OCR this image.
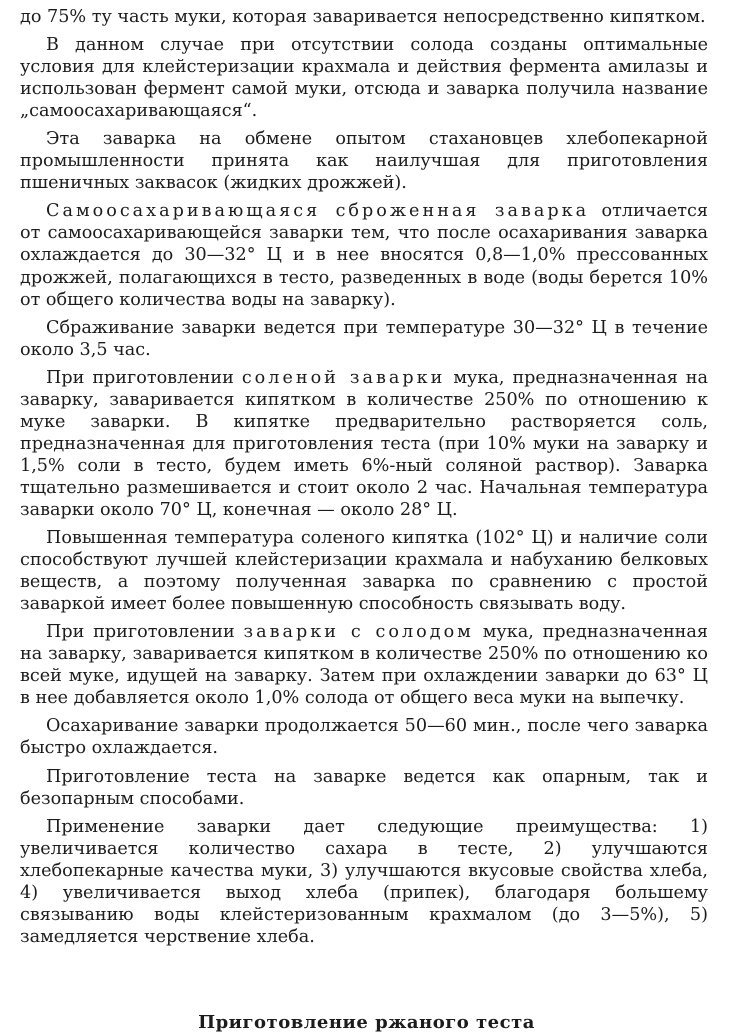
до 75% ту часть муки, которая заваривается непосредственно кипятком.

В данном случае при отсутствии солода созданы оптимальные условия для клейстеризации крахмала и действия фермента амилазы и использован фермент самой муки, отсюда и заварка получила название „самоосахаривающаяся“.

Эта заварка на обмене опытом стахановцев хлебопекарной промышленности принята как наилучшая для приготовления пшеничных заквасок (жидких дрожжей).

Самоосахаривающаяся сброженная заварка отличается от самоосахаривающейся заварки тем, что после осахаривания заварка охлаждается до 30—32° Ц и в нее вносятся 0,8—1,0% прессованных дрожжей, полагающихся в тесто, разведенных в воде (воды берется 10% от общего количества воды на заварку).

Сбраживание заварки ведется при температуре 30—32° Ц в течение около 3,5 час.

При приготовлении соленой заварки мука, предназначенная на заварку, заваривается кипятком в количестве 250% по отношению к муке заварки. В кипятке предварительно растворяется соль, предназначенная для приготовления теста (при 10% муки на заварку и 1,5% соли в тесто, будем иметь 6%-ный соляной раствор). Заварка тщательно размешивается и стоит около 2 час. Начальная температура заварки около 70° Ц, конечная — около 28° Ц.

Повышенная температура соленого кипятка (102° Ц) и наличие соли способствуют лучшей клейстеризации крахмала и набуханию белковых веществ, а поэтому полученная заварка по сравнению с простой заваркой имеет более повышенную способность связывать воду.

При приготовлении заварки с солодом мука, предназначенная на заварку, заваривается кипятком в количестве 250% по отношению ко всей муке, идущей на заварку. Затем при охлаждении заварки до 63° Ц в нее добавляется около 1,0% солода от общего веса муки на выпечку.

Осахаривание заварки продолжается 50—60 мин., после чего заварка быстро охлаждается.

Приготовление теста на заварке ведется как опарным, так и безопарным способами.

Применение заварки дает следующие преимущества: 1) увеличивается количество сахара в тесте, 2) улучшаются хлебопекарные качества муки, 3) улучшаются вкусовые свойства хлеба, 4) увеличивается выход хлеба (припек), благодаря большему связыванию воды клейстеризованным крахмалом (до 3—5%), 5) замедляется черствение хлеба.

Приготовление ржаного теста
